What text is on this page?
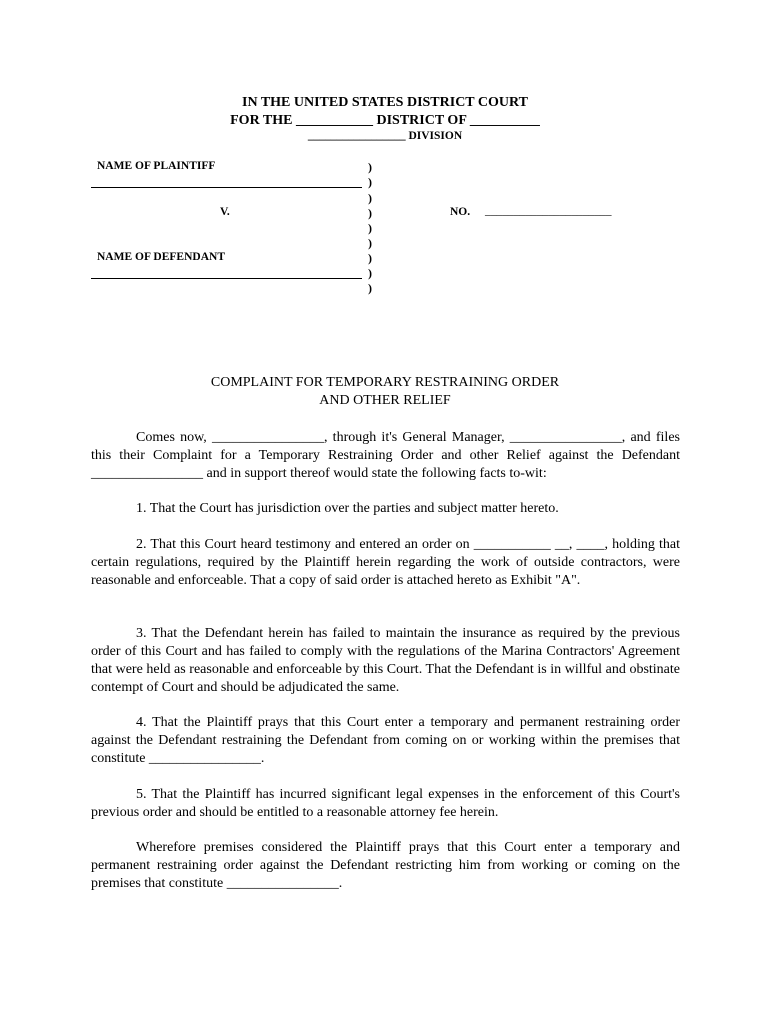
IN THE UNITED STATES DISTRICT COURT
FOR THE ___________ DISTRICT OF __________
_________________ DIVISION
NAME OF PLAINTIFF
V.
NAME OF DEFENDANT
NO. ______________________
)
)
)
)
)
)
)
)
)
COMPLAINT FOR TEMPORARY RESTRAINING ORDER
AND OTHER RELIEF

Comes now, ________________, through it's General Manager, ________________, and files this their Complaint for a Temporary Restraining Order and other Relief against the Defendant ________________ and in support thereof would state the following facts to-wit:

1. That the Court has jurisdiction over the parties and subject matter hereto.

2. That this Court heard testimony and entered an order on ___________ __, ____, holding that certain regulations, required by the Plaintiff herein regarding the work of outside contractors, were reasonable and enforceable. That a copy of said order is attached hereto as Exhibit "A".

3. That the Defendant herein has failed to maintain the insurance as required by the previous order of this Court and has failed to comply with the regulations of the Marina Contractors' Agreement that were held as reasonable and enforceable by this Court. That the Defendant is in willful and obstinate contempt of Court and should be adjudicated the same.

4. That the Plaintiff prays that this Court enter a temporary and permanent restraining order against the Defendant restraining the Defendant from coming on or working within the premises that constitute ________________.

5. That the Plaintiff has incurred significant legal expenses in the enforcement of this Court's previous order and should be entitled to a reasonable attorney fee herein.

Wherefore premises considered the Plaintiff prays that this Court enter a temporary and permanent restraining order against the Defendant restricting him from working or coming on the premises that constitute ________________.
